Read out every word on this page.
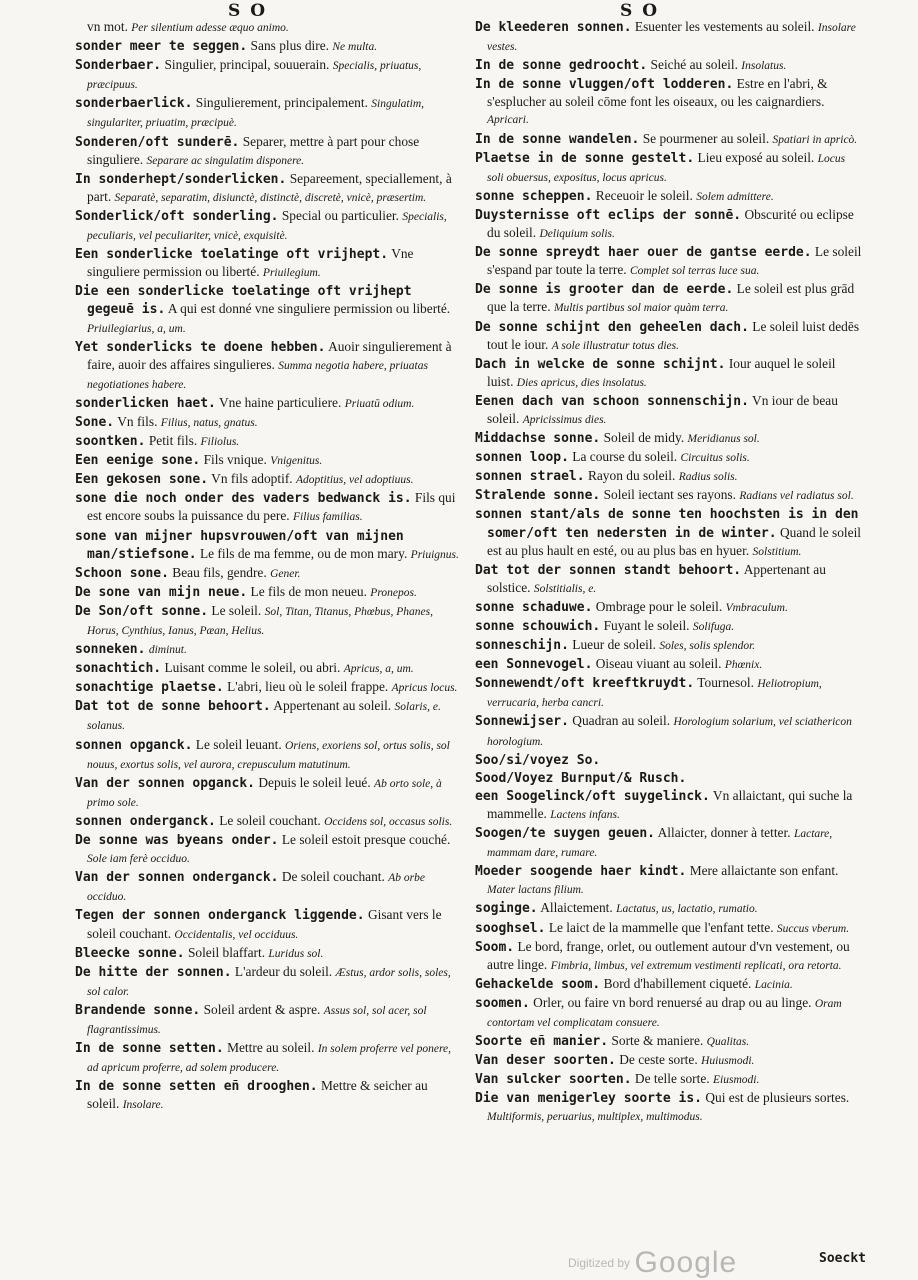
S O	S O

vn mot. Per silentium adesse æquo animo.

sonder meer te seggen. Sans plus dire. Ne multa.

Sonderbaer. Singulier, principal, souuerain. Specialis, priuatus, præcipuus.

sonderbaerlick. Singulierement, principalement. Singulatim, singulariter, priuatim, præcipuè.

Sonderen/oft sunderē. Separer, mettre à part pour chose singuliere. Separare ac singulatim disponere.

In sonderhept/sonderlicken. Separeement, speciallement, à part. Separatè, separatim, disiunctè, distinctè, discretè, vnicè, præsertim.

Sonderlick/oft sonderling. Special ou particulier. Specialis, peculiaris, vel peculiariter, vnicè, exquisitè.

Een sonderlicke toelatinge oft vrijhept. Vne singuliere permission ou liberté. Priuilegium.

Die een sonderlicke toelatinge oft vrijhept gegeuē is. A qui est donné vne singuliere permission ou liberté. Priuilegiarius, a, um.

Yet sonderlicks te doene hebben. Auoir singulierement à faire, auoir des affaires singulieres. Summa negotia habere, priuatas negotiationes habere.

sonderlicken haet. Vne haine particuliere. Priuatū odium.

Sone. Vn fils. Filius, natus, gnatus.

soontken. Petit fils. Filiolus.

Een eenige sone. Fils vnique. Vnigenitus.

Een gekosen sone. Vn fils adoptif. Adoptitius, vel adoptiuus.

sone die noch onder des vaders bedwanck is. Fils qui est encore soubs la puissance du pere. Filius familias.

sone van mijner hupsvrouwen/oft van mijnen man/stiefsone. Le fils de ma femme, ou de mon mary. Priuignus.

Schoon sone. Beau fils, gendre. Gener.

De sone van mijn neue. Le fils de mon neueu. Pronepos.

De Son/oft sonne. Le soleil. Sol, Titan, Titanus, Phœbus, Phanes, Horus, Cynthius, Ianus, Pæan, Helius.

sonneken. diminut.

sonachtich. Luisant comme le soleil, ou abri. Apricus, a, um.

sonachtige plaetse. L'abri, lieu où le soleil frappe. Apricus locus.

Dat tot de sonne behoort. Appertenant au soleil. Solaris, e. solanus.

sonnen opganck. Le soleil leuant. Oriens, exoriens sol, ortus solis, sol nouus, exortus solis, vel aurora, crepusculum matutinum.

Van der sonnen opganck. Depuis le soleil leué. Ab orto sole, à primo sole.

sonnen onderganck. Le soleil couchant. Occidens sol, occasus solis.

De sonne was byeans onder. Le soleil estoit presque couché. Sole iam ferè occiduo.

Van der sonnen onderganck. De soleil couchant. Ab orbe occiduo.

Tegen der sonnen onderganck liggende. Gisant vers le soleil couchant. Occidentalis, vel occiduus.

Bleecke sonne. Soleil blaffart. Luridus sol.

De hitte der sonnen. L'ardeur du soleil. Æstus, ardor solis, soles, sol calor.

Brandende sonne. Soleil ardent & aspre. Assus sol, sol acer, sol flagrantissimus.

In de sonne setten. Mettre au soleil. In solem proferre vel ponere, ad apricum proferre, ad solem producere.

In de sonne setten eñ drooghen. Mettre & seicher au soleil. Insolare.

De kleederen sonnen. Esuenter les vestements au soleil. Insolare vestes.

In de sonne gedroocht. Seiché au soleil. Insolatus.

In de sonne vluggen/oft lodderen. Estre en l'abri, & s'esplucher au soleil cōme font les oiseaux, ou les caignardiers. Apricari.

In de sonne wandelen. Se pourmener au soleil. Spatiari in apricò.

Plaetse in de sonne gestelt. Lieu exposé au soleil. Locus soli obuersus, expositus, locus apricus.

sonne scheppen. Receuoir le soleil. Solem admittere.

Duysternisse oft eclips der sonnē. Obscurité ou eclipse du soleil. Deliquium solis.

De sonne spreydt haer ouer de gantse eerde. Le soleil s'espand par toute la terre. Complet sol terras luce sua.

De sonne is grooter dan de eerde. Le soleil est plus grād que la terre. Multis partibus sol maior quàm terra.

De sonne schijnt den geheelen dach. Le soleil luist dedēs tout le iour. A sole illustratur totus dies.

Dach in welcke de sonne schijnt. Iour auquel le soleil luist. Dies apricus, dies insolatus.

Eenen dach van schoon sonnenschijn. Vn iour de beau soleil. Apricissimus dies.

Middachse sonne. Soleil de midy. Meridianus sol.

sonnen loop. La course du soleil. Circuitus solis.

sonnen strael. Rayon du soleil. Radius solis.

Stralende sonne. Soleil iectant ses rayons. Radians vel radiatus sol.

sonnen stant/als de sonne ten hoochsten is in den somer/oft ten nedersten in de winter. Quand le soleil est au plus hault en esté, ou au plus bas en hyuer. Solstitium.

Dat tot der sonnen standt behoort. Appertenant au solstice. Solstitialis, e.

sonne schaduwe. Ombrage pour le soleil. Vmbraculum.

sonne schouwich. Fuyant le soleil. Solifuga.

sonneschijn. Lueur de soleil. Soles, solis splendor.

een Sonnevogel. Oiseau viuant au soleil. Phœnix.

Sonnewendt/oft kreeftkruydt. Tournesol. Heliotropium, verrucaria, herba cancri.

Sonnewijser. Quadran au soleil. Horologium solarium, vel sciathericon horologium.

Soo/si/voyez So.

Sood/Voyez Burnput/& Rusch.

een Soogelinck/oft suygelinck. Vn allaictant, qui suche la mammelle. Lactens infans.

Soogen/te suygen geuen. Allaicter, donner à tetter. Lactare, mammam dare, rumare.

Moeder soogende haer kindt. Mere allaictante son enfant. Mater lactans filium.

soginge. Allaictement. Lactatus, us, lactatio, rumatio.

sooghsel. Le laict de la mammelle que l'enfant tette. Succus vberum.

Soom. Le bord, frange, orlet, ou outlement autour d'vn vestement, ou autre linge. Fimbria, limbus, vel extremum vestimenti replicati, ora retorta.

Gehackelde soom. Bord d'habillement ciqueté. Lacinia.

soomen. Orler, ou faire vn bord renuersé au drap ou au linge. Oram contortam vel complicatam consuere.

Soorte eñ manier. Sorte & maniere. Qualitas.

Van deser soorten. De ceste sorte. Huiusmodi.

Van sulcker soorten. De telle sorte. Eiusmodi.

Die van menigerley soorte is. Qui est de plusieurs sortes. Multiformis, peruarius, multiplex, multimodus.

Soeckt
Digitized by Google
